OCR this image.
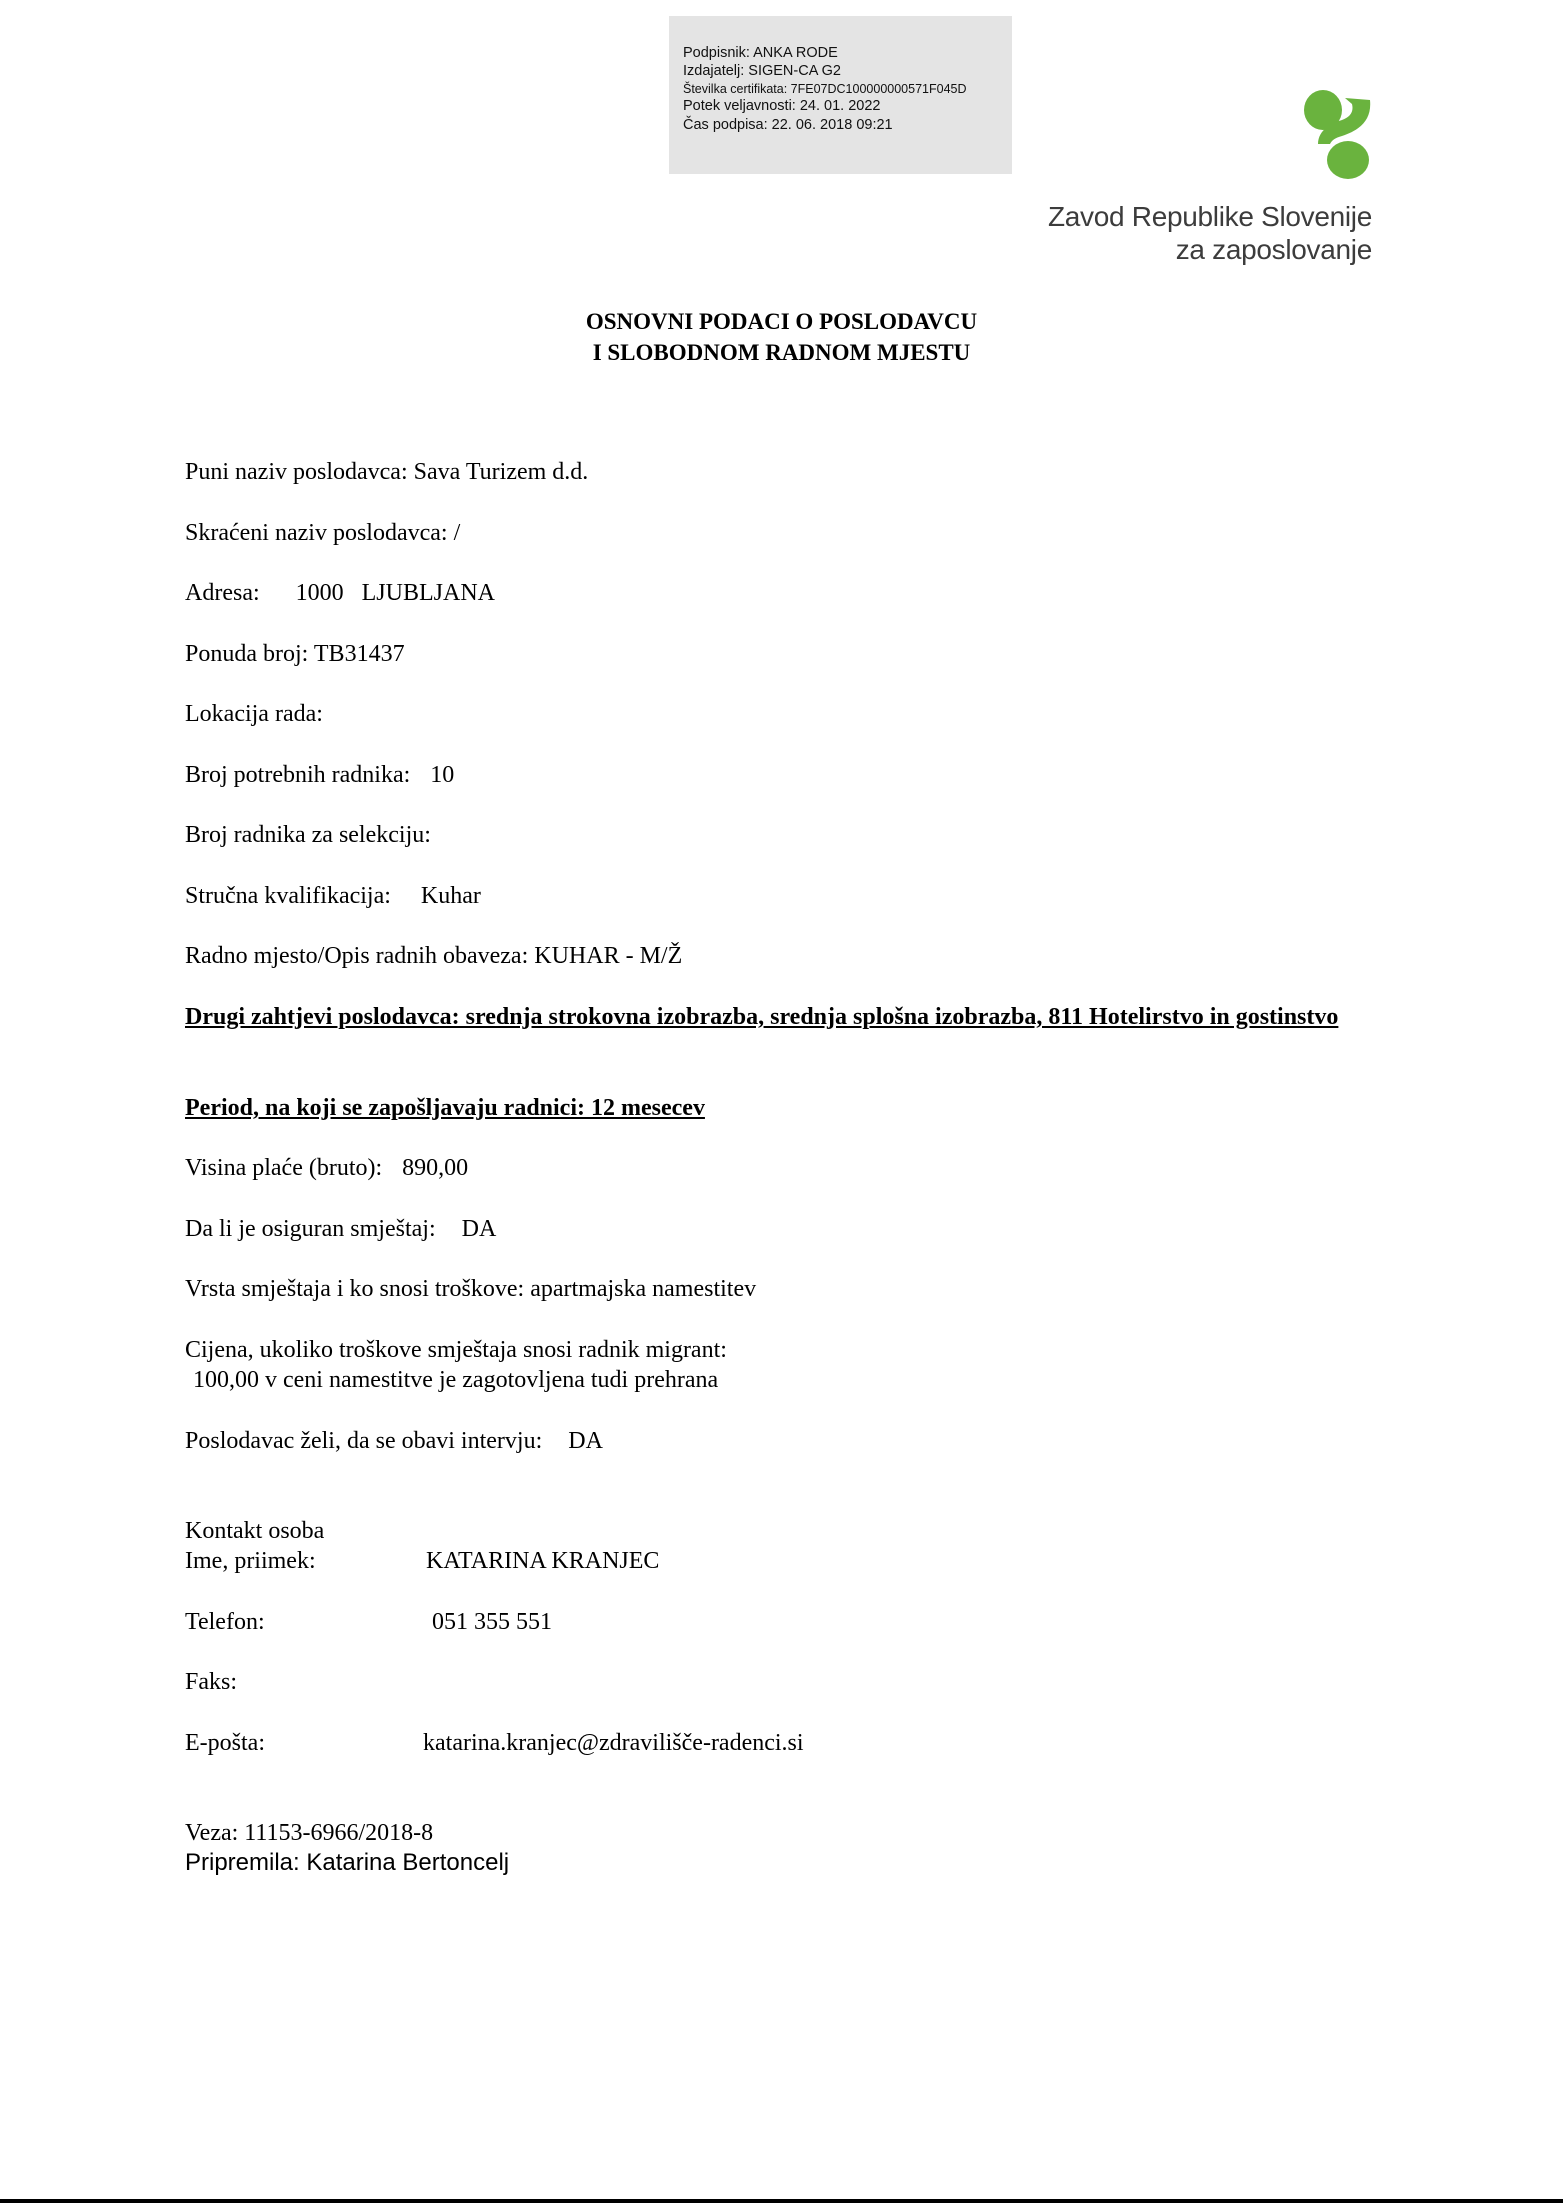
Podpisnik: ANKA RODE
Izdajatelj: SIGEN-CA G2
Številka certifikata: 7FE07DC100000000571F045D
Potek veljavnosti: 24. 01. 2022
Čas podpisa: 22. 06. 2018 09:21
Zavod Republike Slovenije
za zaposlovanje
OSNOVNI PODACI O POSLODAVCU
I SLOBODNOM RADNOM MJESTU
Puni naziv poslodavca: Sava Turizem d.d.
Skraćeni naziv poslodavca: /
Adresa: 1000   LJUBLJANA
Ponuda broj: TB31437
Lokacija rada:
Broj potrebnih radnika: 10
Broj radnika za selekciju:
Stručna kvalifikacija: Kuhar
Radno mjesto/Opis radnih obaveza: KUHAR - M/Ž
Drugi zahtjevi poslodavca: srednja strokovna izobrazba, srednja splošna izobrazba, 811 Hotelirstvo in gostinstvo
Period, na koji se zapošljavaju radnici: 12 mesecev
Visina plaće (bruto): 890,00
Da li je osiguran smještaj: DA
Vrsta smještaja i ko snosi troškove: apartmajska namestitev
Cijena, ukoliko troškove smještaja snosi radnik migrant:
100,00 v ceni namestitve je zagotovljena tudi prehrana
Poslodavac želi, da se obavi intervju: DA
Kontakt osoba
Ime, priimek:	KATARINA KRANJEC
Telefon:	051 355 551
Faks:
E-pošta:	katarina.kranjec@zdravilišče-radenci.si
Veza: 11153-6966/2018-8
Pripremila: Katarina Bertoncelj
